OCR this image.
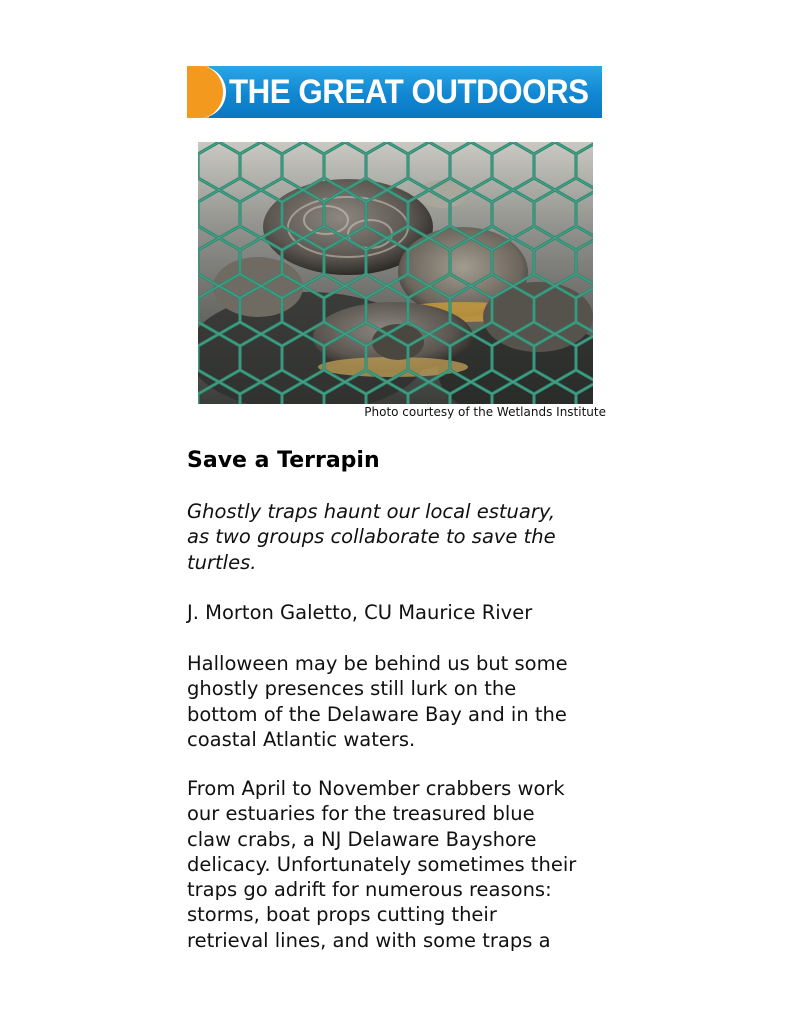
THE GREAT OUTDOORS
Photo courtesy of the Wetlands Institute
Save a Terrapin
Ghostly traps haunt our local estuary,
as two groups collaborate to save the
turtles.
J. Morton Galetto, CU Maurice River
Halloween may be behind us but some
ghostly presences still lurk on the
bottom of the Delaware Bay and in the
coastal Atlantic waters.
From April to November crabbers work
our estuaries for the treasured blue
claw crabs, a NJ Delaware Bayshore
delicacy. Unfortunately sometimes their
traps go adrift for numerous reasons:
storms, boat props cutting their
retrieval lines, and with some traps a
